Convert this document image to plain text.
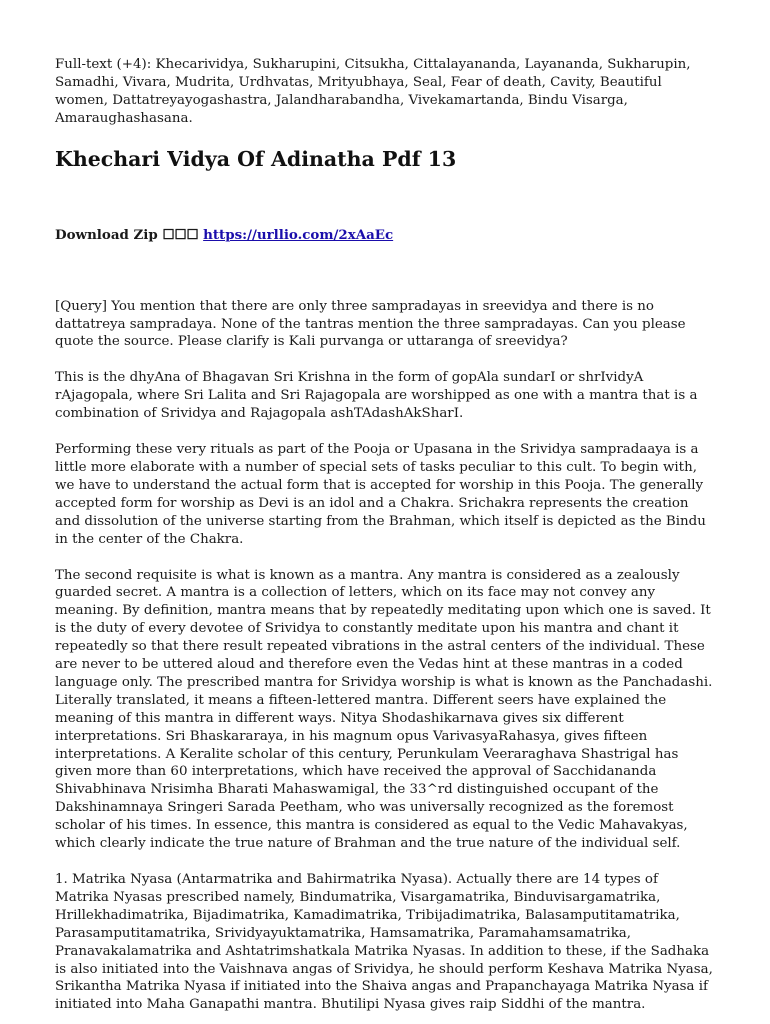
Full-text (+4): Khecarividya, Sukharupini, Citsukha, Cittalayananda, Layananda, Sukharupin, Samadhi, Vivara, Mudrita, Urdhvatas, Mrityubhaya, Seal, Fear of death, Cavity, Beautiful women, Dattatreyayogashastra, Jalandharabandha, Vivekamartanda, Bindu Visarga, Amaraughashasana.

Khechari Vidya Of Adinatha Pdf 13
Download Zip ☐☐☐ https://urllio.com/2xAaEc

[Query] You mention that there are only three sampradayas in sreevidya and there is no dattatreya sampradaya. None of the tantras mention the three sampradayas. Can you please quote the source. Please clarify is Kali purvanga or uttaranga of sreevidya?

This is the dhyAna of Bhagavan Sri Krishna in the form of gopAla sundarI or shrIvidyA rAjagopala, where Sri Lalita and Sri Rajagopala are worshipped as one with a mantra that is a combination of Srividya and Rajagopala ashTAdashAkSharI.

Performing these very rituals as part of the Pooja or Upasana in the Srividya sampradaaya is a little more elaborate with a number of special sets of tasks peculiar to this cult. To begin with, we have to understand the actual form that is accepted for worship in this Pooja. The generally accepted form for worship as Devi is an idol and a Chakra. Srichakra represents the creation and dissolution of the universe starting from the Brahman, which itself is depicted as the Bindu in the center of the Chakra.

The second requisite is what is known as a mantra. Any mantra is considered as a zealously guarded secret. A mantra is a collection of letters, which on its face may not convey any meaning. By definition, mantra means that by repeatedly meditating upon which one is saved. It is the duty of every devotee of Srividya to constantly meditate upon his mantra and chant it repeatedly so that there result repeated vibrations in the astral centers of the individual. These are never to be uttered aloud and therefore even the Vedas hint at these mantras in a coded language only. The prescribed mantra for Srividya worship is what is known as the Panchadashi. Literally translated, it means a fifteen-lettered mantra. Different seers have explained the meaning of this mantra in different ways. Nitya Shodashikarnava gives six different interpretations. Sri Bhaskararaya, in his magnum opus VarivasyaRahasya, gives fifteen interpretations. A Keralite scholar of this century, Perunkulam Veeraraghava Shastrigal has given more than 60 interpretations, which have received the approval of Sacchidananda Shivabhinava Nrisimha Bharati Mahaswamigal, the 33^rd distinguished occupant of the Dakshinamnaya Sringeri Sarada Peetham, who was universally recognized as the foremost scholar of his times. In essence, this mantra is considered as equal to the Vedic Mahavakyas, which clearly indicate the true nature of Brahman and the true nature of the individual self.

1. Matrika Nyasa (Antarmatrika and Bahirmatrika Nyasa). Actually there are 14 types of Matrika Nyasas prescribed namely, Bindumatrika, Visargamatrika, Binduvisargamatrika, Hrillekhadimatrika, Bijadimatrika, Kamadimatrika, Tribijadimatrika, Balasamputitamatrika, Parasamputitamatrika, Srividyayuktamatrika, Hamsamatrika, Paramahamsamatrika, Pranavakalamatrika and Ashtatrimshatkala Matrika Nyasas. In addition to these, if the Sadhaka is also initiated into the Vaishnava angas of Srividya, he should perform Keshava Matrika Nyasa, Srikantha Matrika Nyasa if initiated into the Shaiva angas and Prapanchayaga Matrika Nyasa if initiated into Maha Ganapathi mantra. Bhutilipi Nyasa gives raip Siddhi of the mantra.
